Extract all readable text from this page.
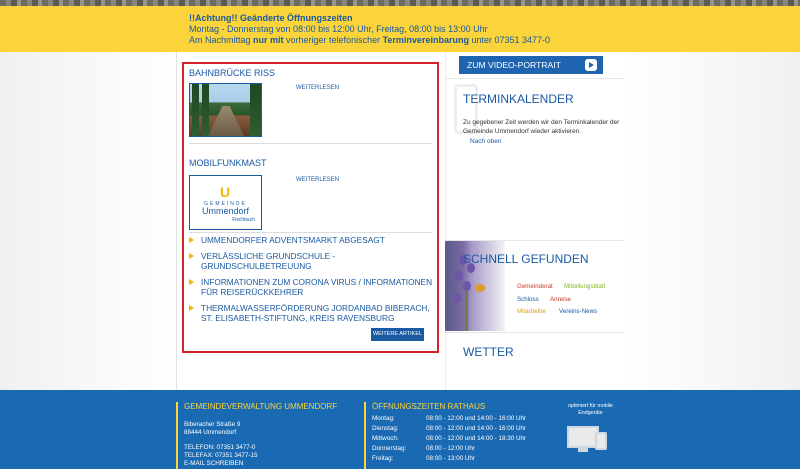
!!Achtung!! Geänderte Öffnungszeiten
Montag - Donnerstag von 08:00 bis 12:00 Uhr, Freitag, 08:00 bis 13:00 Uhr
Am Nachmittag nur mit vorheriger telefonischer Terminvereinbarung unter 07351 3477-0
BAHNBRÜCKE RISS
WEITERLESEN
MOBILFUNKMAST
U
GEMEINDE
Ummendorf
Fischbach
WEITERLESEN
UMMENDORFER ADVENTSMARKT ABGESAGT
VERLÄSSLICHE GRUNDSCHULE - GRUNDSCHULBETREUUNG
INFORMATIONEN ZUM CORONA VIRUS / INFORMATIONEN FÜR REISERÜCKKEHRER
THERMALWASSERFÖRDERUNG JORDANBAD BIBERACH, ST. ELISABETH-STIFTUNG, KREIS RAVENSBURG
WEITERE ARTIKEL
ZUM VIDEO-PORTRAIT
TERMINKALENDER
Zu gegebener Zeit werden wir den Terminkalender der Gemeinde Ummendorf wieder aktivieren.
Nach oben
SCHNELL GEFUNDEN
Gemeinderat Mitteilungsblatt
Schloss Anreise
Mitarbeiter Vereins-News
WETTER
GEMEINDEVERWALTUNG UMMENDORF
Biberacher Straße 9
88444 Ummendorf
TELEFON: 07351 3477-0
TELEFAX: 07351 3477-15
E-MAIL SCHREIBEN
ÖFFNUNGSZEITEN RATHAUS
Montag:
Dienstag:
Mittwoch:
Donnerstag:
Freitag:
08:00 - 12:00 und 14:00 - 16:00 Uhr
08:00 - 12:00 und 14:00 - 16:00 Uhr
08:00 - 12:00 und 14:00 - 18:30 Uhr
08:00 - 12:00 Uhr
08:00 - 13:00 Uhr
optimiert für mobile Endgeräte
